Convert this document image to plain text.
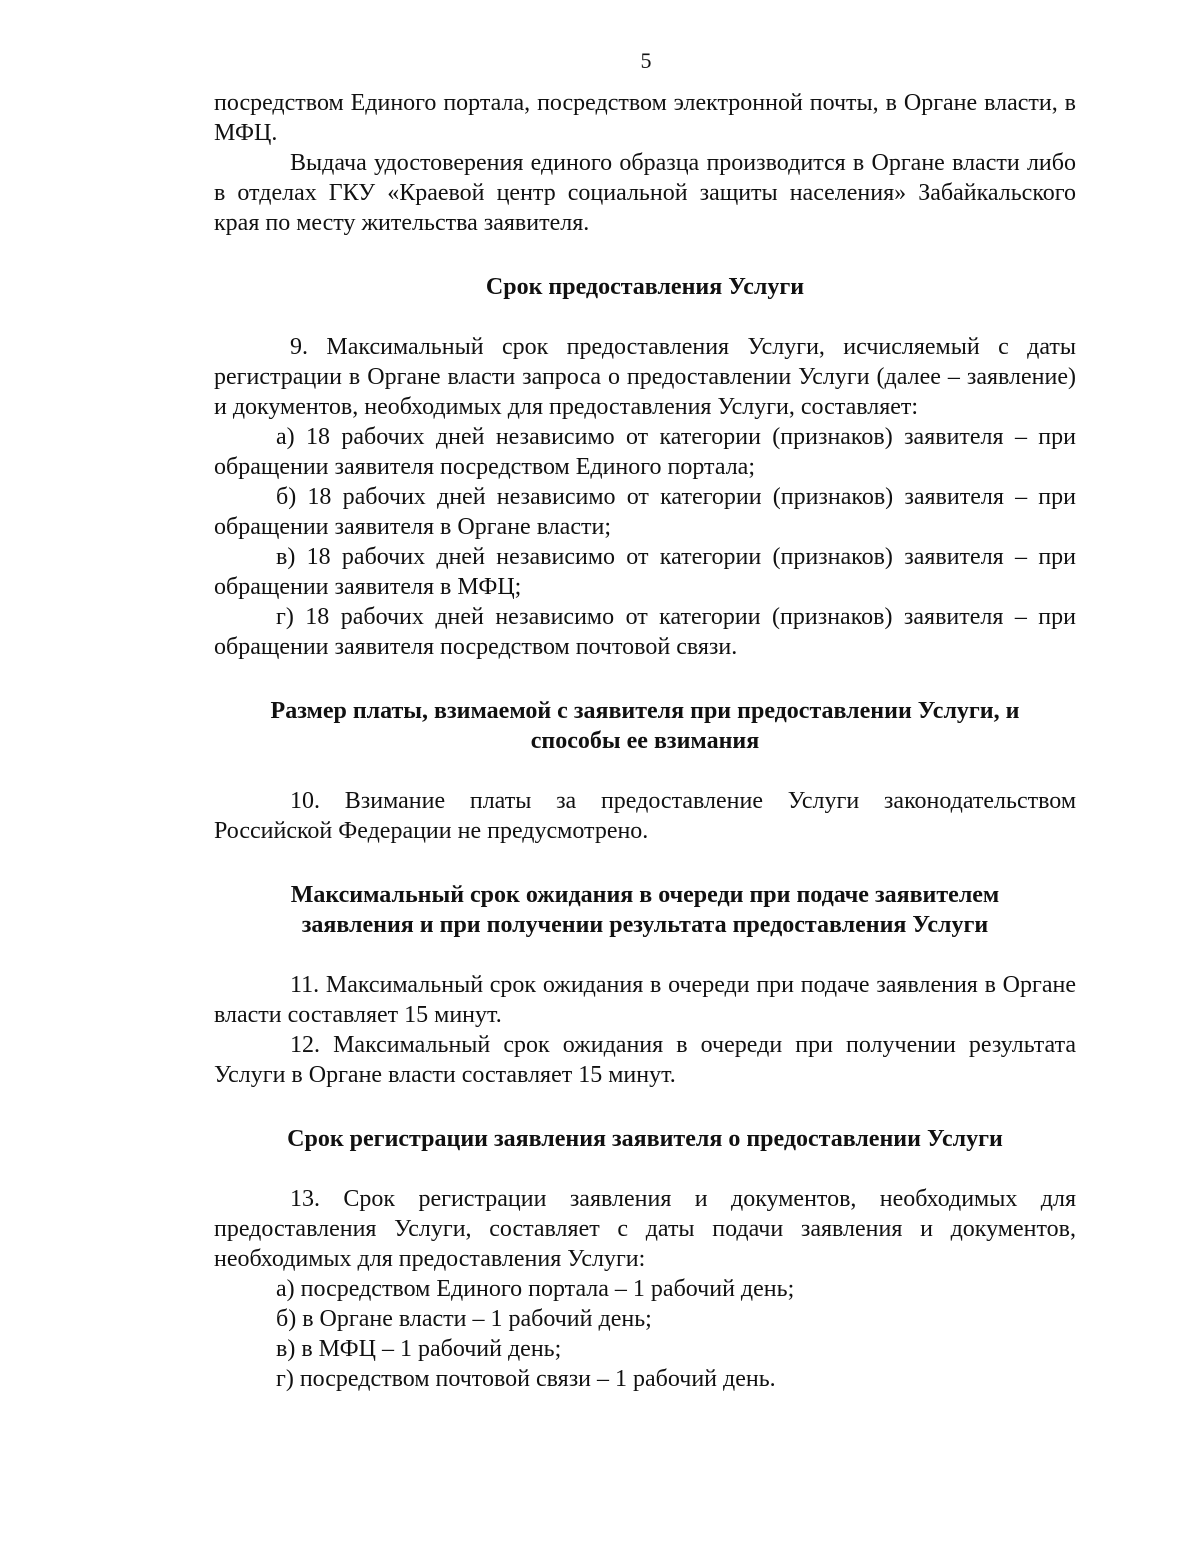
5

посредством Единого портала, посредством электронной почты, в Органе власти, в МФЦ.

Выдача удостоверения единого образца производится в Органе власти либо в отделах ГКУ «Краевой центр социальной защиты населения» Забайкальского края по месту жительства заявителя.

Срок предоставления Услуги

9. Максимальный срок предоставления Услуги, исчисляемый с даты регистрации в Органе власти запроса о предоставлении Услуги (далее – заявление) и документов, необходимых для предоставления Услуги, составляет:

а) 18 рабочих дней независимо от категории (признаков) заявителя – при обращении заявителя посредством Единого портала;

б) 18 рабочих дней независимо от категории (признаков) заявителя – при обращении заявителя в Органе власти;

в) 18 рабочих дней независимо от категории (признаков) заявителя – при обращении заявителя в МФЦ;

г) 18 рабочих дней независимо от категории (признаков) заявителя – при обращении заявителя посредством почтовой связи.

Размер платы, взимаемой с заявителя при предоставлении Услуги, и
способы ее взимания

10. Взимание платы за предоставление Услуги законодательством Российской Федерации не предусмотрено.

Максимальный срок ожидания в очереди при подаче заявителем
заявления и при получении результата предоставления Услуги

11. Максимальный срок ожидания в очереди при подаче заявления в Органе власти составляет 15 минут.

12. Максимальный срок ожидания в очереди при получении результата Услуги в Органе власти составляет 15 минут.

Срок регистрации заявления заявителя о предоставлении Услуги

13. Срок регистрации заявления и документов, необходимых для предоставления Услуги, составляет с даты подачи заявления и документов, необходимых для предоставления Услуги:

а) посредством Единого портала – 1 рабочий день;

б) в Органе власти – 1 рабочий день;

в) в МФЦ – 1 рабочий день;

г) посредством почтовой связи – 1 рабочий день.
